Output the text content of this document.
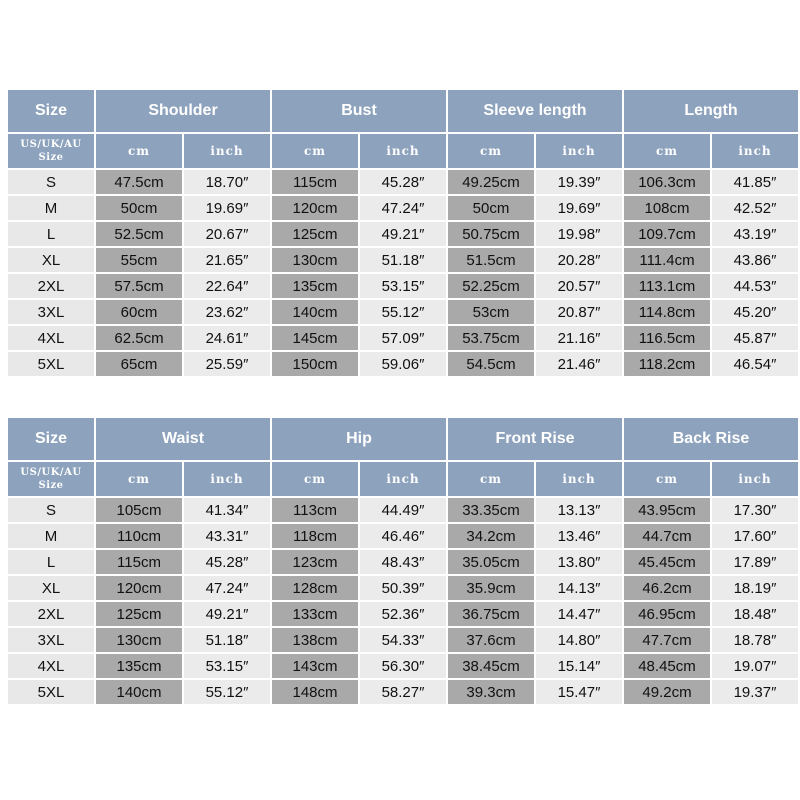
Size	Shoulder	Bust	Sleeve length	Length
US/UK/AU
Size	cm	inch	cm	inch	cm	inch	cm	inch
S	47.5cm	18.70″	115cm	45.28″	49.25cm	19.39″	106.3cm	41.85″
M	50cm	19.69″	120cm	47.24″	50cm	19.69″	108cm	42.52″
L	52.5cm	20.67″	125cm	49.21″	50.75cm	19.98″	109.7cm	43.19″
XL	55cm	21.65″	130cm	51.18″	51.5cm	20.28″	111.4cm	43.86″
2XL	57.5cm	22.64″	135cm	53.15″	52.25cm	20.57″	113.1cm	44.53″
3XL	60cm	23.62″	140cm	55.12″	53cm	20.87″	114.8cm	45.20″
4XL	62.5cm	24.61″	145cm	57.09″	53.75cm	21.16″	116.5cm	45.87″
5XL	65cm	25.59″	150cm	59.06″	54.5cm	21.46″	118.2cm	46.54″
Size	Waist	Hip	Front Rise	Back Rise
US/UK/AU
Size	cm	inch	cm	inch	cm	inch	cm	inch
S	105cm	41.34″	113cm	44.49″	33.35cm	13.13″	43.95cm	17.30″
M	110cm	43.31″	118cm	46.46″	34.2cm	13.46″	44.7cm	17.60″
L	115cm	45.28″	123cm	48.43″	35.05cm	13.80″	45.45cm	17.89″
XL	120cm	47.24″	128cm	50.39″	35.9cm	14.13″	46.2cm	18.19″
2XL	125cm	49.21″	133cm	52.36″	36.75cm	14.47″	46.95cm	18.48″
3XL	130cm	51.18″	138cm	54.33″	37.6cm	14.80″	47.7cm	18.78″
4XL	135cm	53.15″	143cm	56.30″	38.45cm	15.14″	48.45cm	19.07″
5XL	140cm	55.12″	148cm	58.27″	39.3cm	15.47″	49.2cm	19.37″
